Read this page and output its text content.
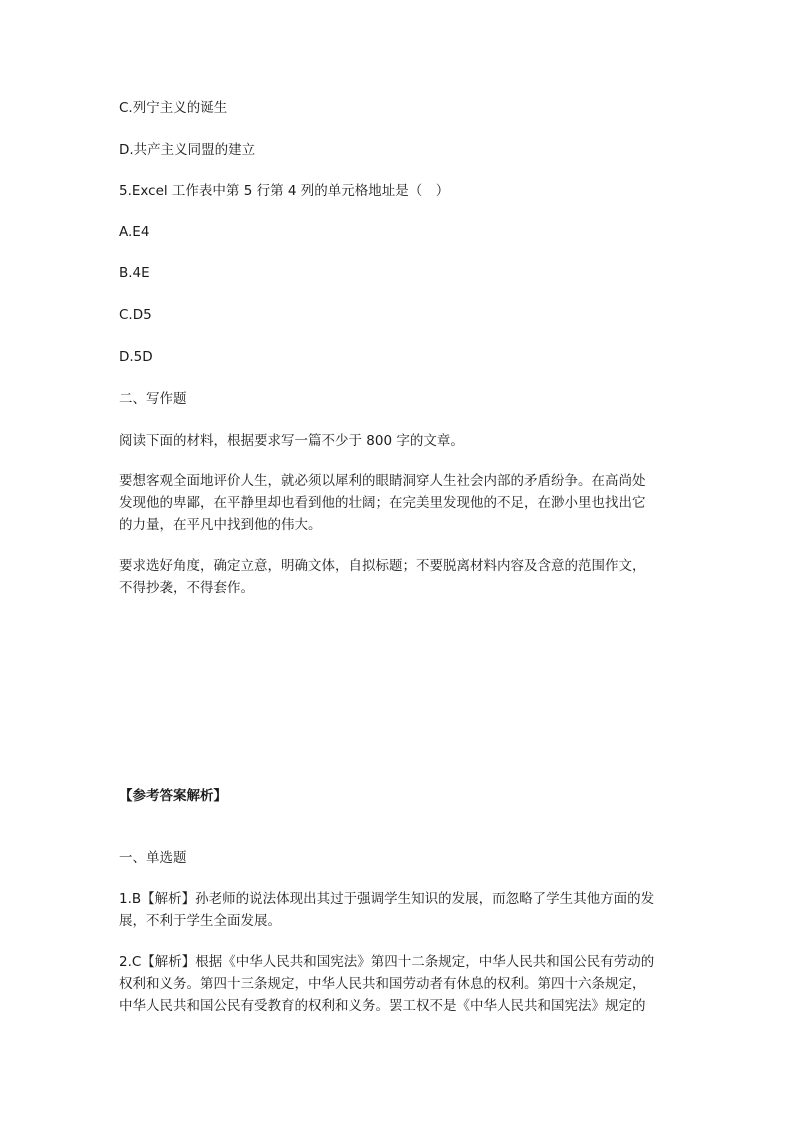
C.列宁主义的诞生
D.共产主义同盟的建立
5.Excel 工作表中第 5 行第 4 列的单元格地址是（　）
A.E4
B.4E
C.D5
D.5D
二、写作题
阅读下面的材料，根据要求写一篇不少于 800 字的文章。
要想客观全面地评价人生，就必须以犀利的眼睛洞穿人生社会内部的矛盾纷争。在高尚处
发现他的卑鄙，在平静里却也看到他的壮阔；在完美里发现他的不足，在渺小里也找出它
的力量，在平凡中找到他的伟大。
要求选好角度，确定立意，明确文体，自拟标题；不要脱离材料内容及含意的范围作文，
不得抄袭，不得套作。
【参考答案解析】
一、单选题
1.B【解析】孙老师的说法体现出其过于强调学生知识的发展，而忽略了学生其他方面的发
展，不利于学生全面发展。
2.C【解析】根据《中华人民共和国宪法》第四十二条规定，中华人民共和国公民有劳动的
权利和义务。第四十三条规定，中华人民共和国劳动者有休息的权利。第四十六条规定，
中华人民共和国公民有受教育的权利和义务。罢工权不是《中华人民共和国宪法》规定的
